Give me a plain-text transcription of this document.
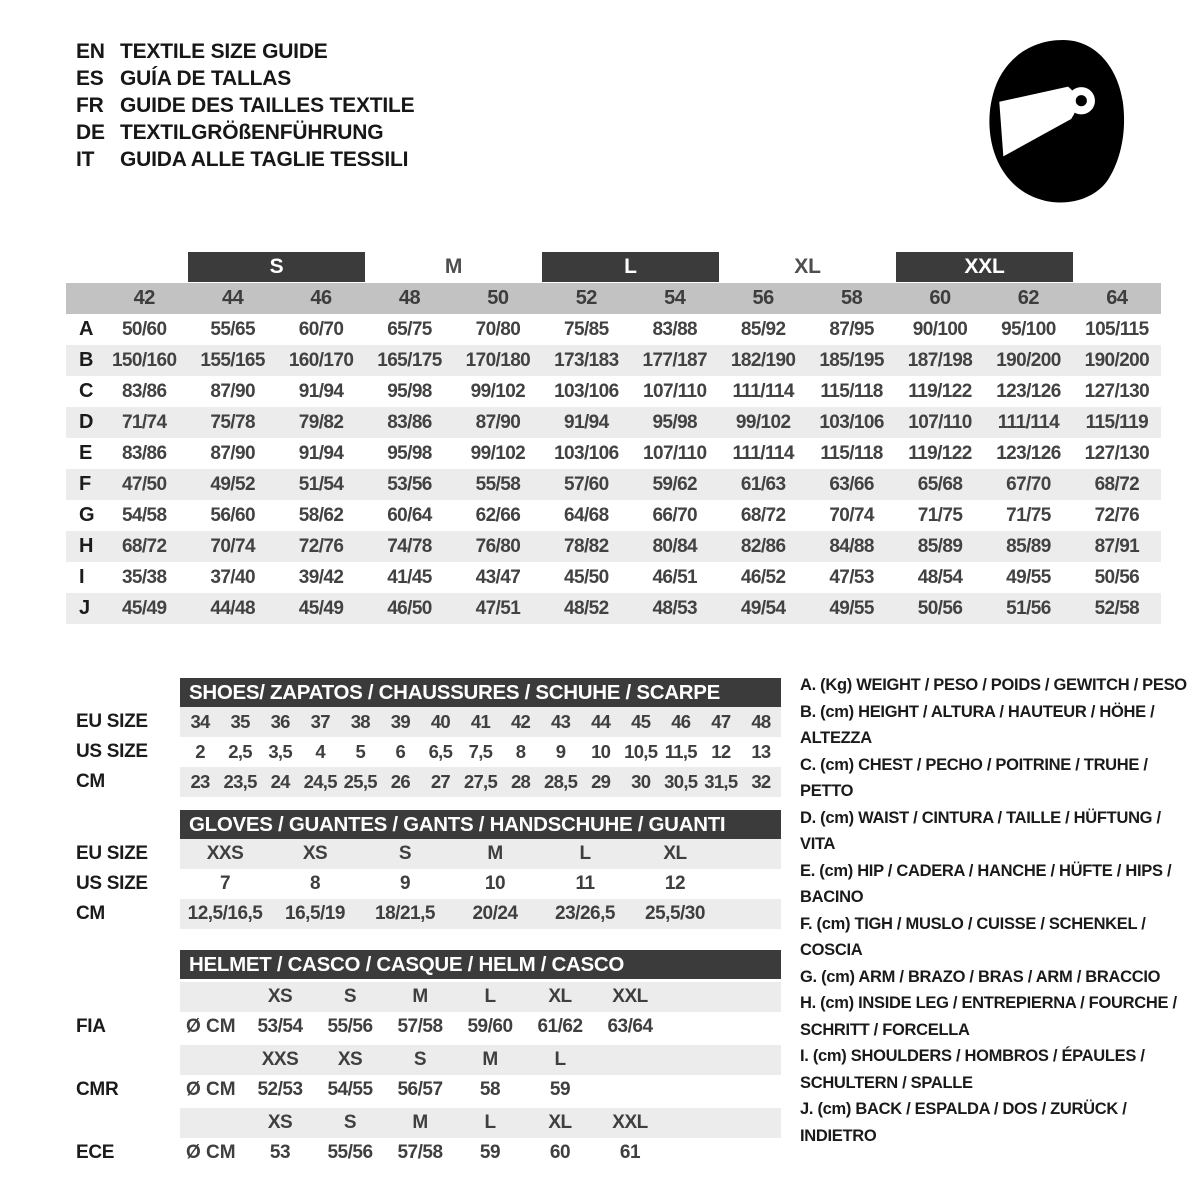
EN TEXTILE SIZE GUIDE
ES GUÍA DE TALLAS
FR GUIDE DES TAILLES TEXTILE
DE TEXTILGRÖßENFÜHRUNG
IT	GUIDA ALLE TAGLIE TESSILI
S	M	L	XL	XXL
42	44	46	48	50	52	54	56	58	60	62	64
A	50/60	55/65	60/70	65/75	70/80	75/85	83/88	85/92	87/95	90/100	95/100	105/115
B 150/160	155/165	160/170	165/175	170/180	173/183	177/187	182/190	185/195	187/198	190/200	190/200
C	83/86	87/90	91/94	95/98	99/102	103/106	107/110	111/114	115/118	119/122	123/126	127/130
D	71/74	75/78	79/82	83/86	87/90	91/94	95/98	99/102	103/106	107/110	111/114	115/119
E	83/86	87/90	91/94	95/98	99/102	103/106	107/110	111/114	115/118	119/122	123/126	127/130
F	47/50	49/52	51/54	53/56	55/58	57/60	59/62	61/63	63/66	65/68	67/70	68/72
G	54/58	56/60	58/62	60/64	62/66	64/68	66/70	68/72	70/74	71/75	71/75	72/76
H	68/72	70/74	72/76	74/78	76/80	78/82	80/84	82/86	84/88	85/89	85/89	87/91
I	35/38	37/40	39/42	41/45	43/47	45/50	46/51	46/52	47/53	48/54	49/55	50/56
J	45/49	44/48	45/49	46/50	47/51	48/52	48/53	49/54	49/55	50/56	51/56	52/58
SHOES/ ZAPATOS / CHAUSSURES / SCHUHE / SCARPE
EU SIZE	34	35	36	37	38	39	40	41	42	43	44	45	46	47	48
US SIZE	2	2,5 3,5	4	5	6	6,5 7,5	8	9	10 10,5 11,5 12	13
CM	23 23,5 24 24,5 25,5 26	27 27,5 28 28,5 29	30 30,5 31,5 32
GLOVES / GUANTES / GANTS / HANDSCHUHE / GUANTI
EU SIZE	XXS	XS	S	M	L	XL
US SIZE	7	8	9	10	11	12
CM	12,5/16,5	16,5/19	18/21,5	20/24	23/26,5	25,5/30
HELMET / CASCO / CASQUE / HELM / CASCO
XS	S	M	L	XL	XXL
FIA	Ø CM	53/54	55/56	57/58	59/60	61/62	63/64
XXS	XS	S	M	L
CMR	Ø CM	52/53	54/55	56/57	58	59
XS	S	M	L	XL	XXL
ECE	Ø CM	53	55/56	57/58	59	60	61
A. (Kg) WEIGHT / PESO / POIDS / GEWITCH / PESO
B. (cm) HEIGHT / ALTURA / HAUTEUR / HÖHE / ALTEZZA
C. (cm) CHEST / PECHO / POITRINE / TRUHE / PETTO
D. (cm) WAIST / CINTURA / TAILLE / HÜFTUNG / VITA
E. (cm) HIP / CADERA / HANCHE / HÜFTE / HIPS / BACINO
F. (cm) TIGH / MUSLO / CUISSE / SCHENKEL / COSCIA
G. (cm) ARM / BRAZO / BRAS / ARM / BRACCIO
H. (cm) INSIDE LEG / ENTREPIERNA / FOURCHE / SCHRITT / FORCELLA
I. (cm) SHOULDERS / HOMBROS / ÉPAULES / SCHULTERN / SPALLE
J. (cm) BACK / ESPALDA / DOS / ZURÜCK / INDIETRO
